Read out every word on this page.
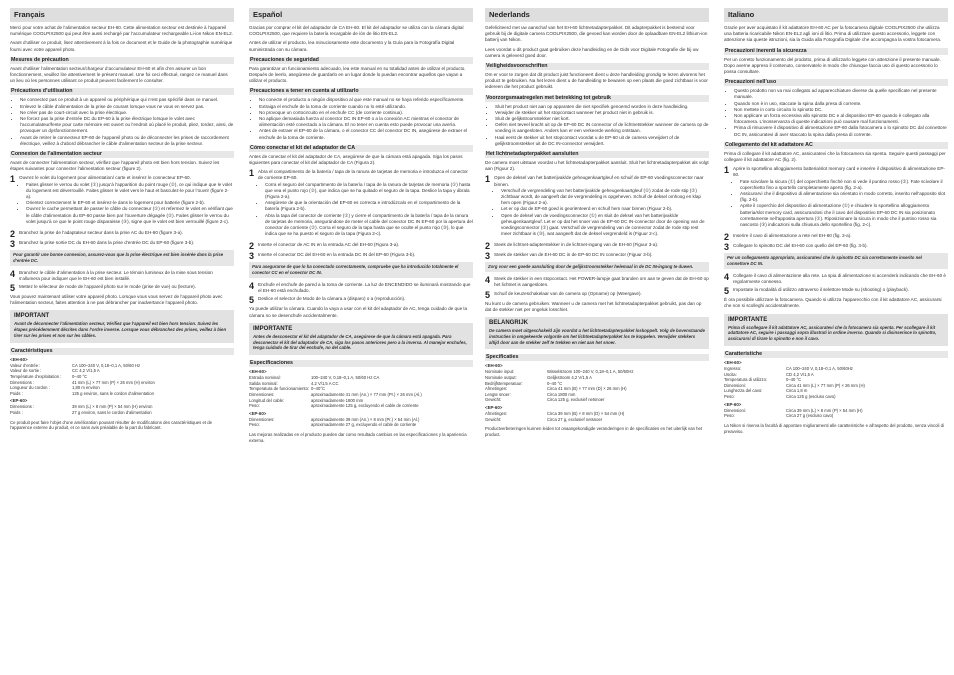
Français

Merci pour votre achat de l’alimentation secteur EH-60. Cette alimentation secteur est destinée à l’appareil numérique COOLPIX2500 qui peut être aussi rechargé par l’accumulateur rechargeable Li-ion Nikon EN-EL2.

Avant d’utiliser ce produit, lisez attentivement à la fois ce document et le Guide de la photographie numérique fourni avec votre appareil photo.

Mesures de précaution

Avant d’utiliser l’alimentation secteur/chargeur d’accumulateur EH-60 et afin d’en assurer un bon fonctionnement, veuillez lire attentivement le présent manuel. Une foi ceci effectué, rangez ce manuel dans un lieu où les personnes utilisant ce produit peuvent facilement le consulter.

Précautions d’utilisation
• Ne connectez pas ce produit à un appareil ou périphérique qui n’est pas spécifié dans ce manuel.
• Enlevez le câble d’alimentation de la prise de courant lorsque vous ne vous en servez pas.
• Ne créer pas de court-circuit avec la prise électrique.
• Ne forcez pas la prise d’entrée DC du EP-60 à la prise électrique lorsque le volet avec l’accumulateur/fente pour carte mémoire est ouvert ou l’endroit où placé le produit, pliez, tordez, ainsi, de provoquer un dysfonctionnement.
• Avant de retirer le connecteur EP-60 de l’appareil photo ou de déconnecter les prises de raccordement électrique, veillez à d’abord débrancher le câble d’alimentation secteur de la prise secteur.
Connexion de l’alimentation secteur

Avant de connecter l’alimentation secteur, vérifiez que l’appareil photo est bien hors tension. Suivez les étapes suivantes pour connecter l’alimentation secteur (figure 2).

1 Ouvrez le volet du logement pour alimentation/ carte et insérez le connecteur EP-60.
• Faites glisser le verrou du volet (①) jusqu’à l’apparition du point rouge (②), ce qui indique que le volet du logement est déverrouillé. Faites glisser le volet vers le haut et basculez-le pour l’ouvrir (figure 2-a).
• Orientez correctement le EP-60 et insérez-le dans le logement pour batterie (figure 2-b).
• Ouvrez le cache permettant de passer le câble du connecteur (①) et refermez le volet en vérifiant que le câble d’alimentation du EP-60 passe bien par l’ouverture dégagée (②). Faites glisser le verrou du volet jusqu’à ce que le point rouge disparaisse (③), signe que le volet est bien verrouillé (figure 2-c).
2 Branchez la prise de l’adaptateur secteur dans la prise AC du EH-60 (figure 3-a).
3 Branchez la prise sortie DC du EH-60 dans la prise d’entrée DC du EP-60 (figure 3-b).
Pour garantir une bonne connexion, assurez-vous que la prise électrique est bien insérée dans la prise d’entrée DC.
4 Branchez le câble d’alimentation à la prise secteur. Le témoin lumineux de la mise sous tension s’allumera pour indiquer que le EH-60 est bien installé.
5 Mettez le sélecteur de mode de l’appareil photo sur le mode (prise de vue) ou (lecture).

Vous pouvez maintenant utiliser votre appareil photo. Lorsque vous vous servez de l’appareil photo avec l’alimentation secteur, faites attention à ne pas débrancher par inadvertance l’appareil photo.

IMPORTANT
Avant de déconnecter l’alimentation secteur, Vérifiez que l’appareil est bien hors tension. Suivez les étapes précédemment décrites dans l’ordre inverse. Lorsque vous débranchez des prises, veillez à bien tirer sur les prises et non sur les câbles.
Caractéristiques
<EH-60>
Valeur d’entrée :	CA 100–240 V, 0,18–0,1 A, 50/60 Hz
Valeur de sortie :	CC 4,2 V/1,5 A
Température d’exploitation :	0–40 °C
Dimensions :	41 mm (L) × 77 mm (P) × 26 mm (H) environ
Longueur du cordon :	1,80 m environ
Poids :	125 g environ, sans le cordon d’alimentation
<EP-60>
Dimensions :	39 mm (L) × 8 mm (P) × 54 mm (H) environ
Poids :	27 g environ, sans le cordon d’alimentation
Ce produit peut faire l’objet d’une amélioration pouvant résulter de modifications des caractéristiques et de l’apparence externe du produit, et ce sans avis préalable de la part du fabricant.
Español

Gracias por comprar el kit del adaptador de CA EH-60. El kit del adaptador se utiliza con la cámara digital COOLPIX2500, que requiere la batería recargable de ión de litio EN-EL2.

Antes de utilizar el producto, lea minuciosamente este documento y la Guía para la Fotografía Digital suministrada con su cámara.

Precauciones de seguridad

Para garantizar un funcionamiento adecuado, lea este manual en su totalidad antes de utilizar el producto. Después de leerlo, asegúrese de guardarlo en un lugar donde lo puedan encontrar aquellos que vayan a utilizar el producto.

Precauciones a tener en cuenta al utilizarlo
• No conecte el producto a ningún dispositivo al que este manual no se haya referido específicamente.
• Extraiga el enchufe de la toma de corriente cuando no lo esté utilizando.
• No provoque un cortocircuito en el enchufe CC (de corriente continua).
• No aplique demasiada fuerza al conector DC IN EP-60 o a la conexión AC mientras el conector de alimentación esté conectado a la cámara. El no tener en cuenta esto puede provocar una avería.
• Antes de extraer el EP-60 de la cámara, o el conector CC del conector DC IN, asegúrese de extraer el enchufe de la toma de corriente.
Cómo conectar el kit del adaptador de CA

Antes de conectar el kit del adaptador de CA, asegúrese de que la cámara está apagada. Siga los pasos siguientes para conectar el kit del adaptador de CA (Figura 2).

1 Abra el compartimento de la batería / tapa de la ranura de tarjetas de memoria e introduzca el conector de corriente EP-60.
• Corra el seguro del compartimento de la batería / tapa de la ranura de tarjetas de memoria (①) hasta que vea el punto rojo (②), que indica que se ha quitado el seguro de la tapa. Deslice la tapa y ábrala (Figura 2-a).
• Asegúrese de que la orientación del EP-60 es correcta e introdúzcalo en el compartimento de la batería (Figura 2-b).
• Abra la tapa del conector de corriente (①) y cierre el compartimento de la batería / tapa de la ranura de tarjetas de memoria, asegurándose de meter el cable del conector DC IN EP-60 por la apertura del conector de corriente (②). Corra el seguro de la tapa hasta que se oculte el punto rojo (③), lo que indica que se ha puesto el seguro de la tapa (Figura 2-c).
2 Inserte el conector de AC IN en la entrada AC del EH-60 (Figura 3-a).
3 Inserte el conector DC del EH-60 en la entrada DC IN del EP-60 (Figura 3-b).
Para asegurarse de que lo ha conectado correctamente, compruebe que ha introducido totalmente el conector CC en el conector DC IN.
4 Enchufe el enchufe de pared a la toma de corriente. La luz de ENCENDIDO se iluminará mostrando que el EH-60 está enchufado.
5 Deslice el selector de Modo de la cámara a (disparo) o a (reproducción).

Ya puede utilizar la cámara. Cuando la vaya a usar con el kit del adaptador de AC, tenga cuidado de que la cámara no se desenchufe accidentalmente.

IMPORTANTE
Antes de desconectar el kit del adaptador de CA, asegúrese de que la cámara está apagada. Para desconectar el kit del adaptador de CA, siga los pasos anteriores pero a la inversa. Al manejar enchufes, tenga cuidado de tirar del enchufe, no del cable.
Especificaciones
<EH-60>
Entrada nominal:	100–240 V, 0,18–0,1 A, 50/60 Hz CA
Salida nominal:	4,2 V/1,5 A CC
Temperatura de funcionamiento:	0–40°C
Dimensiones:	aproximadamente 41 mm (An.) × 77 mm (Pr.) × 26 mm (Al.)
Longitud del cable:	aproximadamente 1800 mm
Peso:	aproximadamente 125 g, excluyendo el cable de corriente
<EP-60>
Dimensiones:	aproximadamente 39 mm (An.) × 8 mm (Pr.) × 54 mm (Al.)
Peso:	aproximadamente 27 g, excluyendo el cable de corriente
Las mejoras realizadas en el producto pueden dar como resultado cambios en las especificaciones y la apariencia externa.
Nederlands

Gefeliciteerd met uw aanschaf van het EH-60 lichtnetadapterpakket. Dit adapterpakket is bestemd voor gebruik bij de digitale camera COOLPIX2500, die gevoed kan worden door de oplaadbare EN-EL2 lithium-ion batterij van Nikon.

Lees voordat u dit product gaat gebruiken deze handleiding en de Gids voor Digitale Fotografie die bij uw camera is geleverd goed door.

Veiligheidsvoorschriften

Om er voor te zorgen dat dit product juist functioneert dient u deze handleiding grondig te lezen alvorens het product te gebruiken. Na het lezen dient u de handleiding te bewaren op een plaats die goed zichtbaar is voor iedereen die het product gebruikt.

Voorzorgsmaatregelen met betrekking tot gebruik
• Sluit het product niet aan op apparaten die niet specifiek genoemd worden in deze handleiding.
• Verwijder de stekker uit het stopcontact wanneer het product niet in gebruik is.
• Sluit de gelijkstroomstekker niet kort.
• Oefen niet teveel kracht uit op de EP-60 DC IN connector of de lichtnetstekker wanneer de camera op de voeding is aangesloten. Anders kan er een verkeerde werking ontstaan.
• Haal eerst de stekker uit het stopcontact voordat u de EP-60 uit de camera verwijdert of de gelijkstroomstekker uit de DC IN-connector verwijdert.
Het lichtnetadapterpakket aansluiten

De camera moet uitstaan voordat u het lichtnetadapterpakket aansluit. Sluit het lichtnetadapterpakket als volgt aan (Figuur 2).

1 Open de deksel van het batterijvak/de geheugenkaartgleuf en schuif de EP-60 voedingsconnector naar binnen.
• Verschuif de vergrendeling van het batterijvak/de geheugenkaartgleuf (①) zodat de rode stip (②) zichtbaar wordt, de aangeeft dat de vergrendeling is opgeheven. Schuif de deksel omhoog en klap hem open (Figuur 2-a).
• Let er op dat de EP-60 goed is georiënteerd en schuif hem naar binnen (Figuur 2-b).
• Open de deksel van de voedingsconnector (①) en sluit de deksel van het batterijvak/de geheugenkaartgleuf. Let er op dat het snoer van de EP-60 DC IN-connector door de opening van de voedingsconnector (②) gaat. Verschuif de vergrendeling van de connector zodat de rode stip rest meer zichtbaar is (③), wat aangeeft dat de deksel vergrendeld is (Figuur 2-c).
2 Steek de lichtnet-adapterstekker in de lichtnet-ingang van de EH-60 (Figuur 3-a).
3 Steek de stekker van de EH-60 DC in de EP-60 DC IN connector (Figuur 3-b).
Zorg voor een goede aansluiting door de gelijkstroomstekker helemaal in de DC IN-ingang te duwen.
4 Steek de stekker in een stopcontact. Het POWER-lampje gaat branden om aan te geven dat de EH-60 op het lichtnet is aangesloten.
5 Schuif de keuzeschakelaar van de camera op (Opname) op (Weergave).

Nu kunt u de camera gebruiken. Wanneer u de camera met het lichtnetadapterpakket gebruikt, pas dan op dat de stekker niet per ongeluk losschiet.

BELANGRIJK
De camera moet uitgeschakeld zijn voordat u het lichtnetadapterpakket loskoppelt. Volg de bovenstaande instructies in omgekeerde volgorde om het lichtnetadapterpakket los te koppelen. Verwijder stekkers altijd door aan de stekker zelf te trekken en niet aan het snoer.
Specificaties
<EH-60>
Nominale input:	Wisselstroom 100–240 V, 0,18–0,1 A, 50/60Hz
Nominale output:	Gelijkstroom 4,2 V/1,5 A
Bedrijfstemperatuur:	0–40 °C
Afmetingen:	Circa 41 mm (B) × 77 mm (D) × 26 mm (H)
Lengte snoer:	Circa 1800 mm
Gewicht:	Circa 125 g, exclusief netsnoer
<EP-60>
Afmetingen:	Circa 39 mm (B) × 8 mm (D) × 54 mm (H)
Gewicht:	Circa 27 g, exclusief netsnoer
Productverbeteringen kunnen leiden tot onaangekondigde veranderingen in de specificaties en het uiterlijk van het product.
Italiano

Grazie per aver acquistato il kit adattatore EH-60 AC per la fotocamera digitale COOLPIX2500 che utilizza una batteria ricaricabile Nikon EN-EL2 agli ioni di litio. Prima di utilizzare questo accessorio, leggete con attenzione sia queste istruzioni, sia la Guida alla Fotografia Digitale che accompagna la vostra fotocamera.

Precauzioni inerenti la sicurezza

Per un corretto funzionamento del prodotto, prima di utilizzarlo leggete con attenzione il presente manuale. Dopo averne appreso il contenuto, conservatelo in modo che chiunque faccia uso di questo accessorio lo possa consultare.

Precauzioni nell’uso
• Questo prodotto non va mai collegato ad apparecchiature diverse da quelle specificate nel presente manuale.
• Quando non è in uso, staccate la spina dalla presa di corrente.
• Non mettete in corto circuito lo spinotto DC.
• Non applicare un forza eccessiva allo spinotto DC e al dispositivo EP-60 quando è collegato alla fotocamera. L’inosservanza di queste indicazioni può causare mal funzionamenti.
• Prima di rimuovere il dispositivo di alimentazione EP-60 dalla fotocamera o lo spinotto DC dal connettore DC IN, assicuratevi di aver staccato la spina dalla presa di corrente.
Collegamento del kit adattatore AC

Prima di collegare il kit adattatore AC, assicuratevi che la fotocamera sia spenta. Seguire questi passaggi per collegare il kit adattatore AC (fig. 2).

1 Aprire lo sportellino alloggiamento batteria/slot memory card e inserire il dispositivo di alimentazione EP-60.
• Fate scivolare la sicura (①) del coperchietto finché non si vede il puntino rosso (②). Fate scivolare il coperchietto fino a sportello completamente aperto (fig. 2-a).
• Assicurarvi che il dispositivo di alimentazione sia orientato in modo corretto, inserito nell’apposito slot (fig. 2-b).
• Aprite il coperchio del dispositivo di alimentazione (①) e chiudere lo sportellino alloggiamento batteria/slot memory card, assicurandosi che il cavo del dispositivo EP-60 DC IN sia posizionato correttamente nell’apposita apertura (②). Riposizionare la sicura in modo che il puntino rosso sia nascosto (③) indicazioni sulla chiusura dello sportellino (fig. 2-c).
2 Inserire il cavo di alimentazione a rete nel EH-60 (fig. 3-a).
3 Collegare lo spinotto DC del EH-60 con quello del EP-60 (fig. 3-b).
Per un collegamento appropriato, assicuratevi che lo spinotto DC sia correttamente inserito nel connettore DC IN.
4 Collegare il cavo di alimentazione alla rete. La spia di alimentazione si accenderà indicando che EH-60 è regolarmente connesso.
5 Impostate la modalità di utilizzo attraverso il selettore Mode su (shooting) o (playback).

È ora possibile utilizzare la fotocamera. Quando si utilizza l’apparecchio con il kit adattatore AC, assicurarsi che non si scolleghi accidentalmente.

IMPORTANTE
Prima di scollegare il kit adattatore AC, assicuratevi che la fotocamera sia spenta. Per scollegare il kit adattatore AC, seguire i passaggi sopra illustrati in ordine inverso. Quando si disinserisce lo spinotto, assicurarsi di tirare lo spinotto e non il cavo.
Caratteristiche
<EH-60>
Ingresso:	CA 100–240 V, 0,18–0,1 A, 50/60Hz
Uscita:	CD 4,2 V/1,5 A
Temperatura di utilizzo:	0–40 °C
Dimensioni:	Circa 41 mm (L) × 77 mm (P) × 26 mm (H)
Lunghezza del cavo:	Circa 1,8 m
Peso:	Circa 125 g (escluso cavo)
<EP-60>
Dimensioni:	Circa 39 mm (L) × 8 mm (P) × 54 mm (H)
Peso:	Circa 27 g (escluso cavo)
La Nikon si riserva la facoltà di apportare miglioramenti alle caratteristiche e all’aspetto del prodotto, senza vincoli di preavviso.
